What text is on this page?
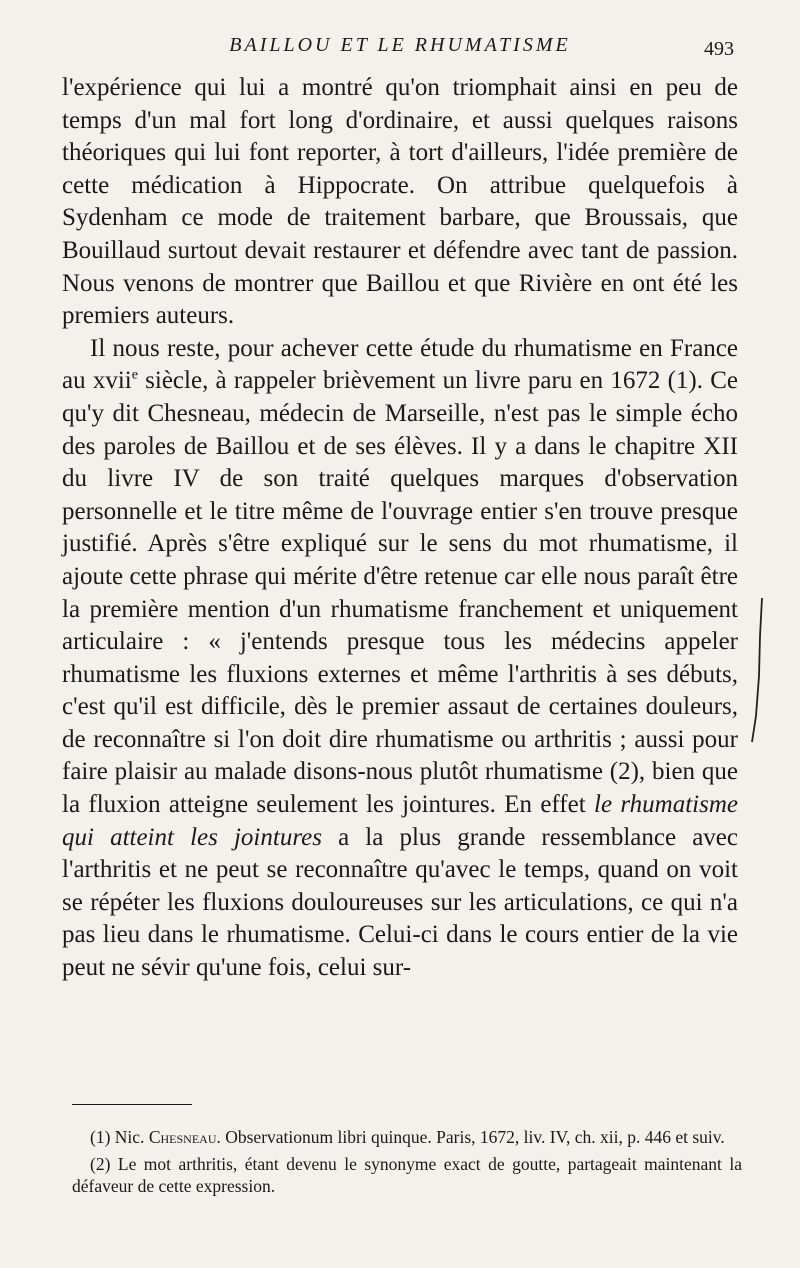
BAILLOU ET LE RHUMATISME	493

l'expérience qui lui a montré qu'on triomphait ainsi en peu de temps d'un mal fort long d'ordinaire, et aussi quelques raisons théoriques qui lui font reporter, à tort d'ailleurs, l'idée première de cette médication à Hippocrate. On attribue quelquefois à Sydenham ce mode de traitement barbare, que Broussais, que Bouillaud surtout devait restaurer et défendre avec tant de passion. Nous venons de montrer que Baillou et que Rivière en ont été les premiers auteurs.

Il nous reste, pour achever cette étude du rhumatisme en France au xvii$^e$ siècle, à rappeler brièvement un livre paru en 1672 (1). Ce qu'y dit Chesneau, médecin de Marseille, n'est pas le simple écho des paroles de Baillou et de ses élèves. Il y a dans le chapitre XII du livre IV de son traité quelques marques d'observation personnelle et le titre même de l'ouvrage entier s'en trouve presque justifié. Après s'être expliqué sur le sens du mot rhumatisme, il ajoute cette phrase qui mérite d'être retenue car elle nous paraît être la première mention d'un rhumatisme franchement et uniquement articulaire : « j'entends presque tous les médecins appeler rhumatisme les fluxions externes et même l'arthritis à ses débuts, c'est qu'il est difficile, dès le premier assaut de certaines douleurs, de reconnaître si l'on doit dire rhumatisme ou arthritis ; aussi pour faire plaisir au malade disons-nous plutôt rhumatisme (2), bien que la fluxion atteigne seulement les jointures. En effet le rhumatisme qui atteint les jointures a la plus grande ressemblance avec l'arthritis et ne peut se reconnaître qu'avec le temps, quand on voit se répéter les fluxions douloureuses sur les articulations, ce qui n'a pas lieu dans le rhumatisme. Celui-ci dans le cours entier de la vie peut ne sévir qu'une fois, celui sur-

(1) Nic. Chesneau. Observationum libri quinque. Paris, 1672, liv. IV, ch. xii, p. 446 et suiv.

(2) Le mot arthritis, étant devenu le synonyme exact de goutte, partageait maintenant la défaveur de cette expression.
